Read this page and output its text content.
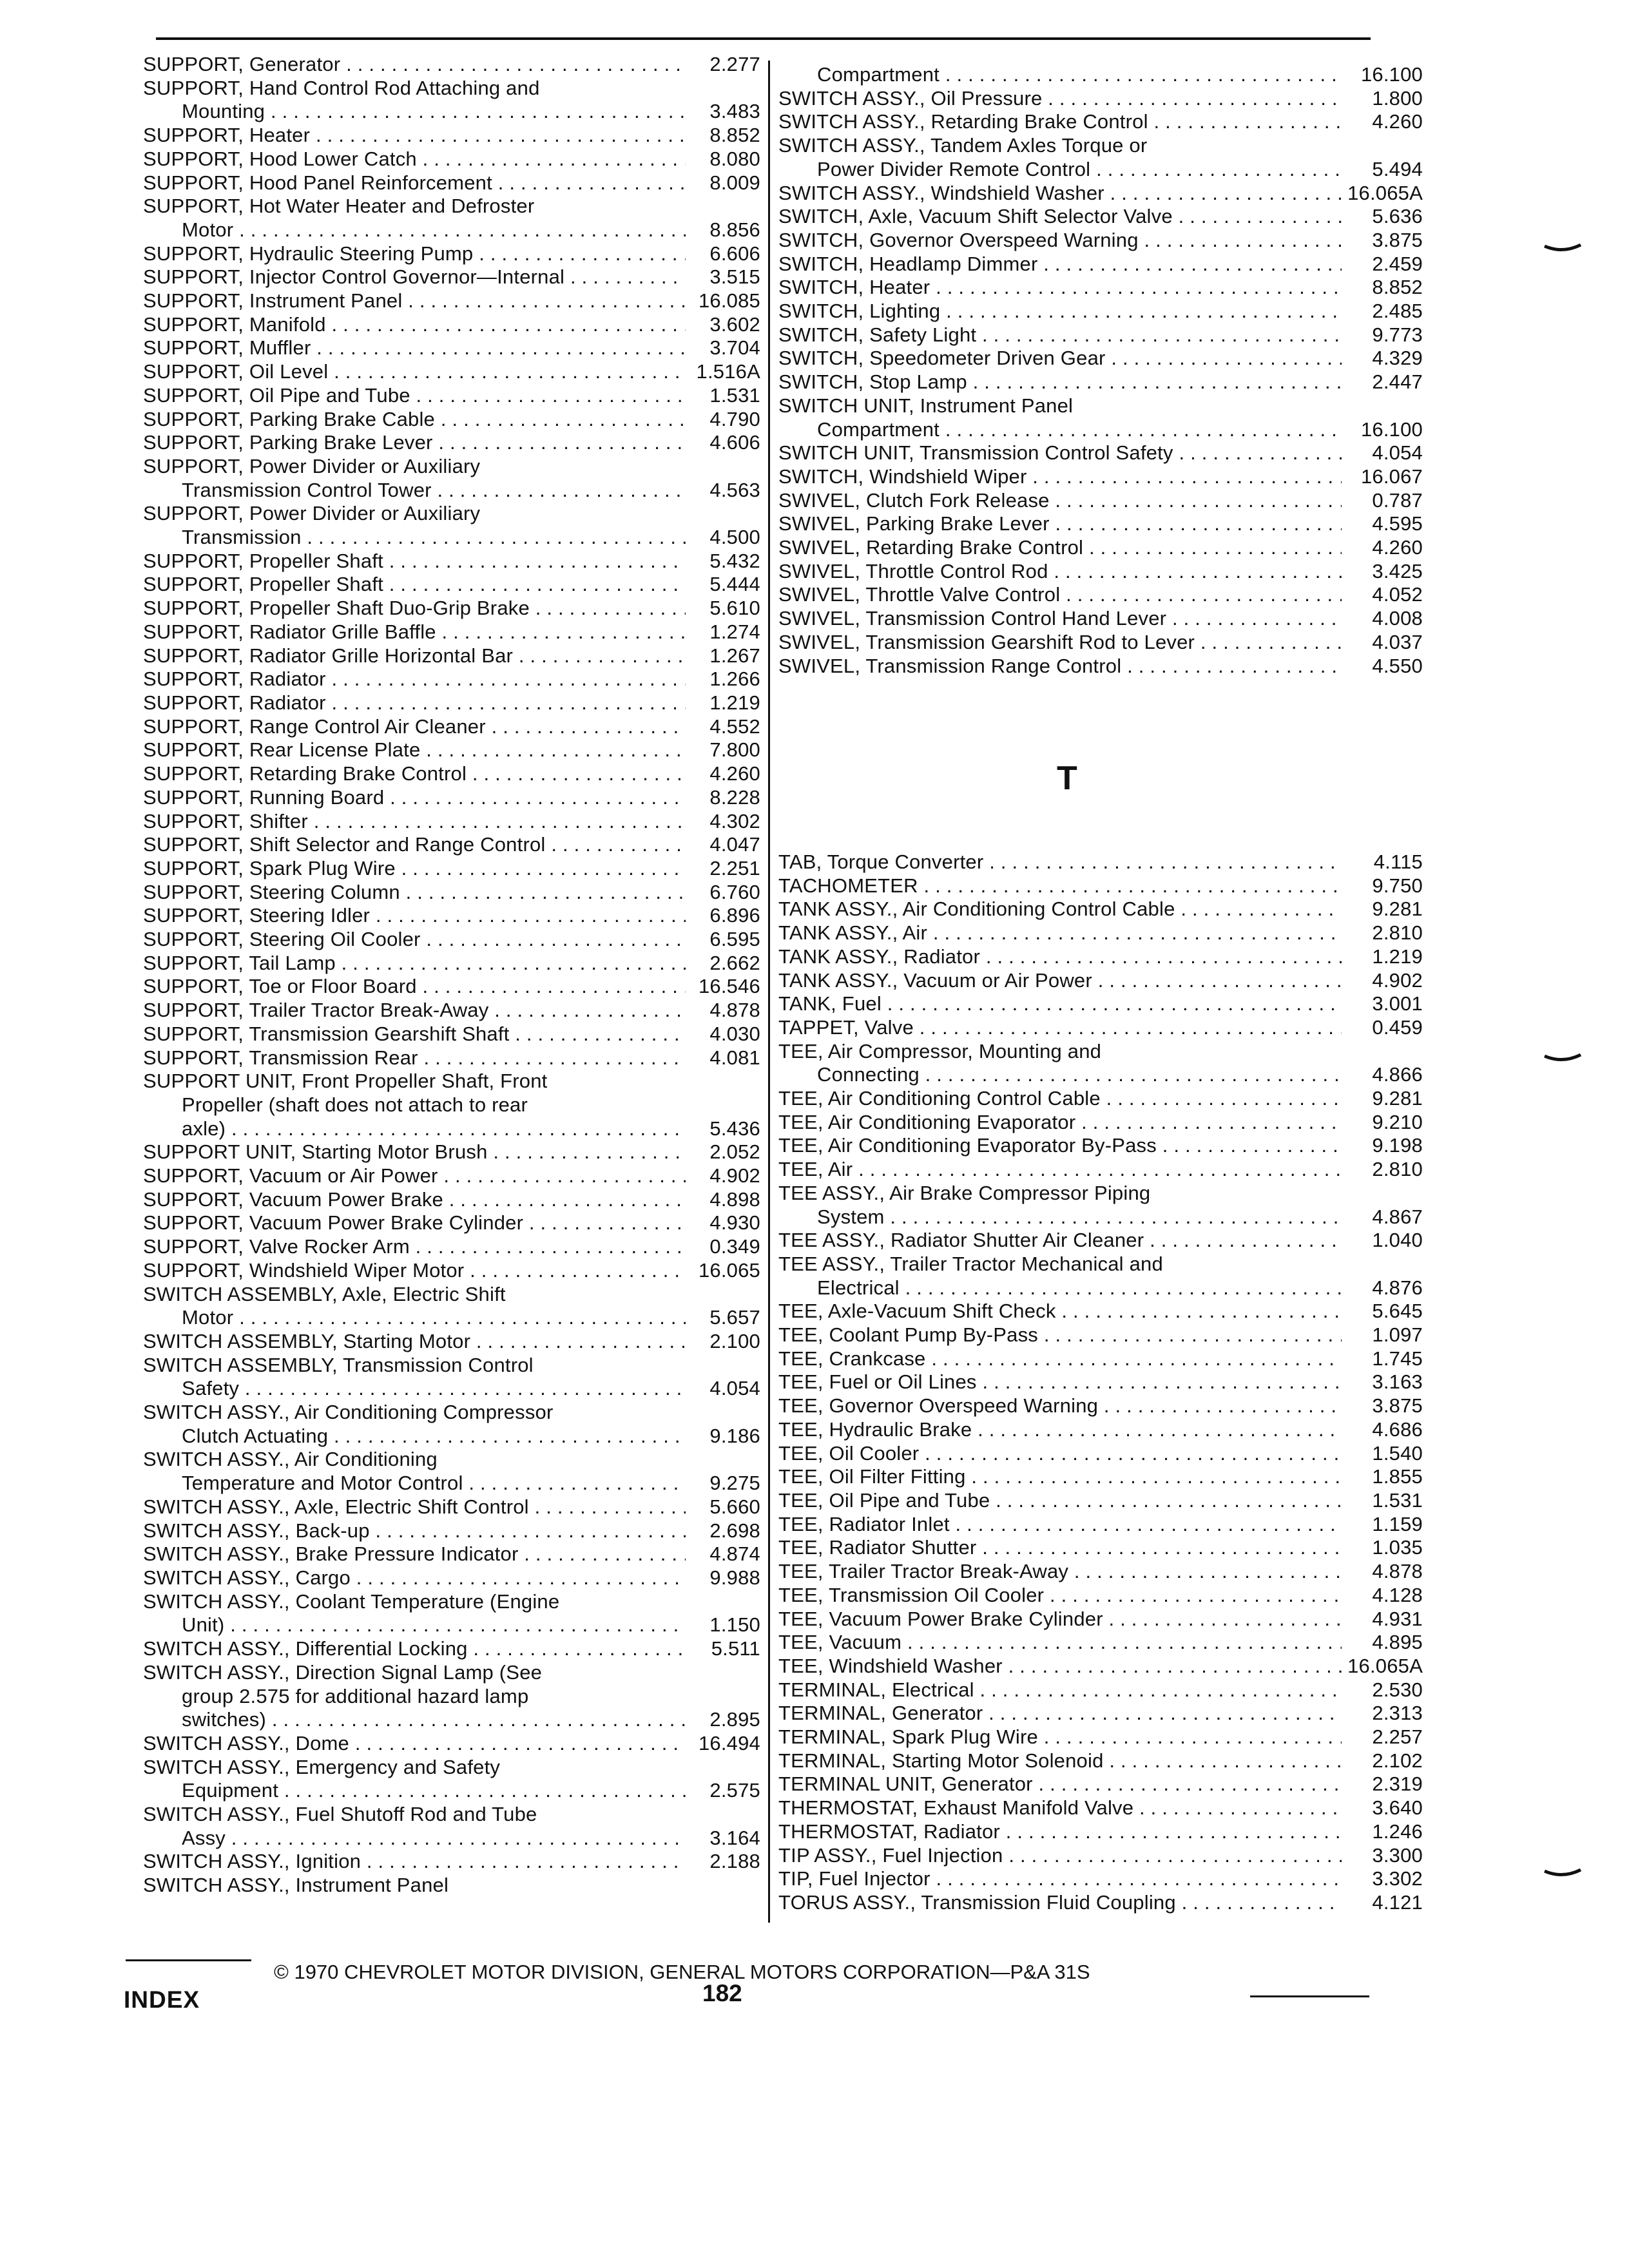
SUPPORT, Generator . . .	2.277
SUPPORT, Hand Control Rod Attaching and
Mounting . . .	3.483
SUPPORT, Heater . . .	8.852
SUPPORT, Hood Lower Catch . . .	8.080
SUPPORT, Hood Panel Reinforcement . . .	8.009
SUPPORT, Hot Water Heater and Defroster
Motor . . .	8.856
SUPPORT, Hydraulic Steering Pump . . .	6.606
SUPPORT, Injector Control Governor—Internal . . .	3.515
SUPPORT, Instrument Panel . . .	16.085
SUPPORT, Manifold . . .	3.602
SUPPORT, Muffler . . .	3.704
SUPPORT, Oil Level . . .	1.516A
SUPPORT, Oil Pipe and Tube . . .	1.531
SUPPORT, Parking Brake Cable . . .	4.790
SUPPORT, Parking Brake Lever . . .	4.606
SUPPORT, Power Divider or Auxiliary
Transmission Control Tower . . .	4.563
SUPPORT, Power Divider or Auxiliary
Transmission . . .	4.500
SUPPORT, Propeller Shaft . . .	5.432
SUPPORT, Propeller Shaft . . .	5.444
SUPPORT, Propeller Shaft Duo-Grip Brake . . .	5.610
SUPPORT, Radiator Grille Baffle . . .	1.274
SUPPORT, Radiator Grille Horizontal Bar . . .	1.267
SUPPORT, Radiator . . .	1.266
SUPPORT, Radiator . . .	1.219
SUPPORT, Range Control Air Cleaner . . .	4.552
SUPPORT, Rear License Plate . . .	7.800
SUPPORT, Retarding Brake Control . . .	4.260
SUPPORT, Running Board . . .	8.228
SUPPORT, Shifter . . .	4.302
SUPPORT, Shift Selector and Range Control . . .	4.047
SUPPORT, Spark Plug Wire . . .	2.251
SUPPORT, Steering Column . . .	6.760
SUPPORT, Steering Idler . . .	6.896
SUPPORT, Steering Oil Cooler . . .	6.595
SUPPORT, Tail Lamp . . .	2.662
SUPPORT, Toe or Floor Board . . .	16.546
SUPPORT, Trailer Tractor Break-Away . . .	4.878
SUPPORT, Transmission Gearshift Shaft . . .	4.030
SUPPORT, Transmission Rear . . .	4.081
SUPPORT UNIT, Front Propeller Shaft, Front
Propeller (shaft does not attach to rear
axle) . . .	5.436
SUPPORT UNIT, Starting Motor Brush . . .	2.052
SUPPORT, Vacuum or Air Power . . .	4.902
SUPPORT, Vacuum Power Brake . . .	4.898
SUPPORT, Vacuum Power Brake Cylinder . . .	4.930
SUPPORT, Valve Rocker Arm . . .	0.349
SUPPORT, Windshield Wiper Motor . . .	16.065
SWITCH ASSEMBLY, Axle, Electric Shift
Motor . . .	5.657
SWITCH ASSEMBLY, Starting Motor . . .	2.100
SWITCH ASSEMBLY, Transmission Control
Safety . . .	4.054
SWITCH ASSY., Air Conditioning Compressor
Clutch Actuating . . .	9.186
SWITCH ASSY., Air Conditioning
Temperature and Motor Control . . .	9.275
SWITCH ASSY., Axle, Electric Shift Control . . .	5.660
SWITCH ASSY., Back-up . . .	2.698
SWITCH ASSY., Brake Pressure Indicator . . .	4.874
SWITCH ASSY., Cargo . . .	9.988
SWITCH ASSY., Coolant Temperature (Engine
Unit) . . .	1.150
SWITCH ASSY., Differential Locking . . .	5.511
SWITCH ASSY., Direction Signal Lamp (See
group 2.575 for additional hazard lamp
switches) . . .	2.895
SWITCH ASSY., Dome . . .	16.494
SWITCH ASSY., Emergency and Safety
Equipment . . .	2.575
SWITCH ASSY., Fuel Shutoff Rod and Tube
Assy . . .	3.164
SWITCH ASSY., Ignition . . .	2.188
SWITCH ASSY., Instrument Panel
Compartment . . .	16.100
SWITCH ASSY., Oil Pressure . . .	1.800
SWITCH ASSY., Retarding Brake Control . . .	4.260
SWITCH ASSY., Tandem Axles Torque or
Power Divider Remote Control . . .	5.494
SWITCH ASSY., Windshield Washer . . .	16.065A
SWITCH, Axle, Vacuum Shift Selector Valve . . .	5.636
SWITCH, Governor Overspeed Warning . . .	3.875
SWITCH, Headlamp Dimmer . . .	2.459
SWITCH, Heater . . .	8.852
SWITCH, Lighting . . .	2.485
SWITCH, Safety Light . . .	9.773
SWITCH, Speedometer Driven Gear . . .	4.329
SWITCH, Stop Lamp . . .	2.447
SWITCH UNIT, Instrument Panel
Compartment . . .	16.100
SWITCH UNIT, Transmission Control Safety . . .	4.054
SWITCH, Windshield Wiper . . .	16.067
SWIVEL, Clutch Fork Release . . .	0.787
SWIVEL, Parking Brake Lever . . .	4.595
SWIVEL, Retarding Brake Control . . .	4.260
SWIVEL, Throttle Control Rod . . .	3.425
SWIVEL, Throttle Valve Control . . .	4.052
SWIVEL, Transmission Control Hand Lever . . .	4.008
SWIVEL, Transmission Gearshift Rod to Lever . . .	4.037
SWIVEL, Transmission Range Control . . .	4.550
T
TAB, Torque Converter . . .	4.115
TACHOMETER . . .	9.750
TANK ASSY., Air Conditioning Control Cable . . .	9.281
TANK ASSY., Air . . .	2.810
TANK ASSY., Radiator . . .	1.219
TANK ASSY., Vacuum or Air Power . . .	4.902
TANK, Fuel . . .	3.001
TAPPET, Valve . . .	0.459
TEE, Air Compressor, Mounting and
Connecting . . .	4.866
TEE, Air Conditioning Control Cable . . .	9.281
TEE, Air Conditioning Evaporator . . .	9.210
TEE, Air Conditioning Evaporator By-Pass . . .	9.198
TEE, Air . . .	2.810
TEE ASSY., Air Brake Compressor Piping
System . . .	4.867
TEE ASSY., Radiator Shutter Air Cleaner . . .	1.040
TEE ASSY., Trailer Tractor Mechanical and
Electrical . . .	4.876
TEE, Axle-Vacuum Shift Check . . .	5.645
TEE, Coolant Pump By-Pass . . .	1.097
TEE, Crankcase . . .	1.745
TEE, Fuel or Oil Lines . . .	3.163
TEE, Governor Overspeed Warning . . .	3.875
TEE, Hydraulic Brake . . .	4.686
TEE, Oil Cooler . . .	1.540
TEE, Oil Filter Fitting . . .	1.855
TEE, Oil Pipe and Tube . . .	1.531
TEE, Radiator Inlet . . .	1.159
TEE, Radiator Shutter . . .	1.035
TEE, Trailer Tractor Break-Away . . .	4.878
TEE, Transmission Oil Cooler . . .	4.128
TEE, Vacuum Power Brake Cylinder . . .	4.931
TEE, Vacuum . . .	4.895
TEE, Windshield Washer . . .	16.065A
TERMINAL, Electrical . . .	2.530
TERMINAL, Generator . . .	2.313
TERMINAL, Spark Plug Wire . . .	2.257
TERMINAL, Starting Motor Solenoid . . .	2.102
TERMINAL UNIT, Generator . . .	2.319
THERMOSTAT, Exhaust Manifold Valve . . .	3.640
THERMOSTAT, Radiator . . .	1.246
TIP ASSY., Fuel Injection . . .	3.300
TIP, Fuel Injector . . .	3.302
TORUS ASSY., Transmission Fluid Coupling . . .	4.121
INDEX
© 1970 CHEVROLET MOTOR DIVISION, GENERAL MOTORS CORPORATION—P&A 31S
182
